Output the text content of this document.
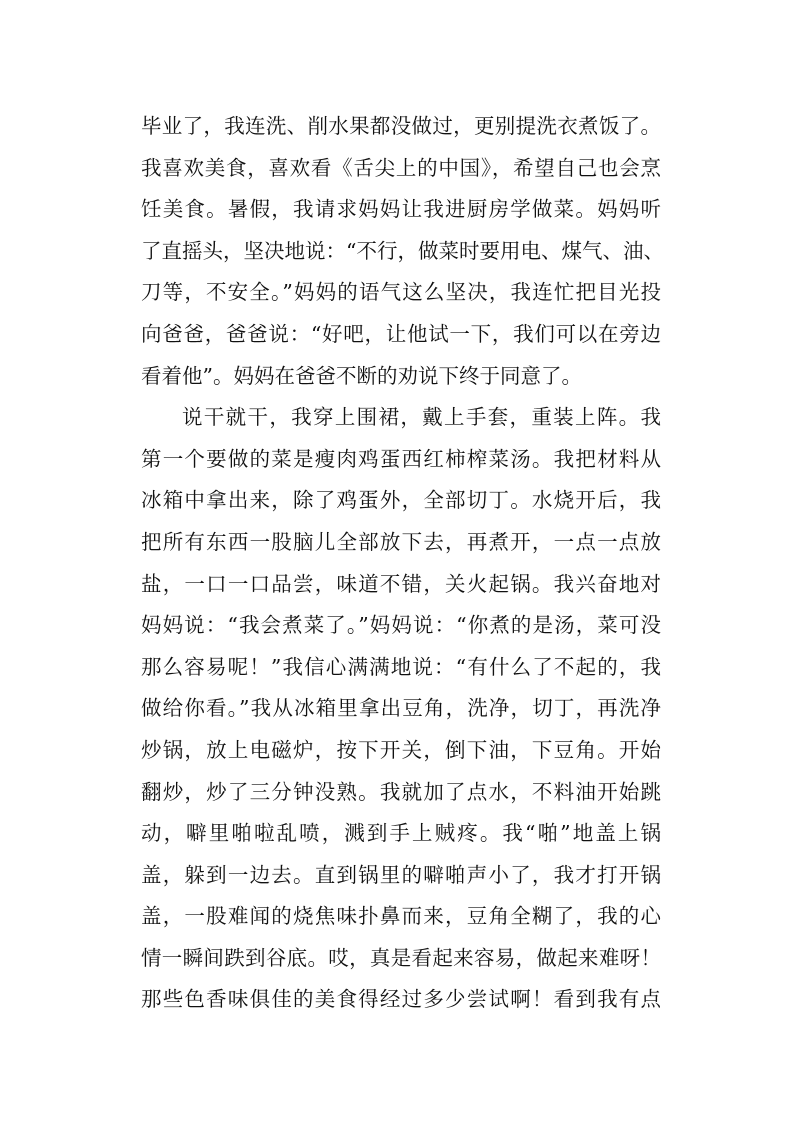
毕业了，我连洗、削水果都没做过，更别提洗衣煮饭了。
我喜欢美食，喜欢看《舌尖上的中国》，希望自己也会烹
饪美食。暑假，我请求妈妈让我进厨房学做菜。妈妈听
了直摇头，坚决地说：“不行，做菜时要用电、煤气、油、
刀等，不安全。”妈妈的语气这么坚决，我连忙把目光投
向爸爸，爸爸说：“好吧，让他试一下，我们可以在旁边
看着他”。妈妈在爸爸不断的劝说下终于同意了。
说干就干，我穿上围裙，戴上手套，重装上阵。我
第一个要做的菜是瘦肉鸡蛋西红柿榨菜汤。我把材料从
冰箱中拿出来，除了鸡蛋外，全部切丁。水烧开后，我
把所有东西一股脑儿全部放下去，再煮开，一点一点放
盐，一口一口品尝，味道不错，关火起锅。我兴奋地对
妈妈说：“我会煮菜了。”妈妈说：“你煮的是汤，菜可没
那么容易呢！”我信心满满地说：“有什么了不起的，我
做给你看。”我从冰箱里拿出豆角，洗净，切丁，再洗净
炒锅，放上电磁炉，按下开关，倒下油，下豆角。开始
翻炒，炒了三分钟没熟。我就加了点水，不料油开始跳
动，噼里啪啦乱喷，溅到手上贼疼。我“啪”地盖上锅
盖，躲到一边去。直到锅里的噼啪声小了，我才打开锅
盖，一股难闻的烧焦味扑鼻而来，豆角全糊了，我的心
情一瞬间跌到谷底。哎，真是看起来容易，做起来难呀！
那些色香味俱佳的美食得经过多少尝试啊！看到我有点
